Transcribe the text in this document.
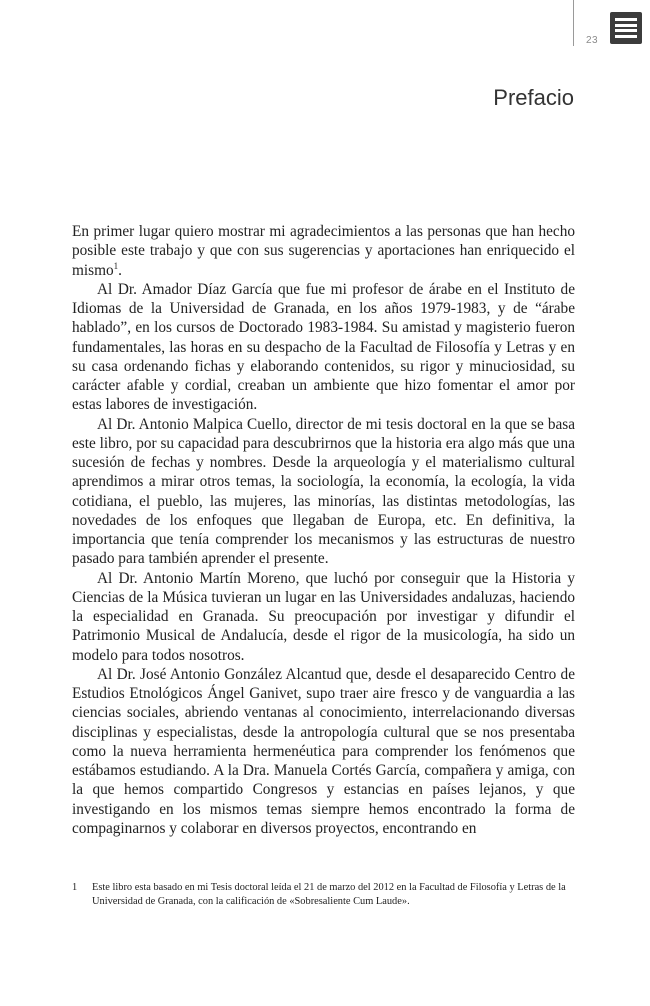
23
Prefacio

En primer lugar quiero mostrar mi agradecimientos a las personas que han hecho posible este trabajo y que con sus sugerencias y aportaciones han enriquecido el mismo$^1$.

Al Dr. Amador Díaz García que fue mi profesor de árabe en el Instituto de Idiomas de la Universidad de Granada, en los años 1979-1983, y de “árabe hablado”, en los cursos de Doctorado 1983-1984. Su amistad y magisterio fueron fundamentales, las horas en su despacho de la Facultad de Filosofía y Letras y en su casa ordenando fichas y elaborando contenidos, su rigor y minuciosidad, su carácter afable y cordial, creaban un ambiente que hizo fomentar el amor por estas labores de investigación.

Al Dr. Antonio Malpica Cuello, director de mi tesis doctoral en la que se basa este libro, por su capacidad para descubrirnos que la historia era algo más que una sucesión de fechas y nombres. Desde la arqueología y el materialismo cultural aprendimos a mirar otros temas, la sociología, la economía, la ecología, la vida cotidiana, el pueblo, las mujeres, las minorías, las distintas metodologías, las novedades de los enfoques que llegaban de Europa, etc. En definitiva, la importancia que tenía comprender los mecanismos y las estructuras de nuestro pasado para también aprender el presente.

Al Dr. Antonio Martín Moreno, que luchó por conseguir que la Historia y Ciencias de la Música tuvieran un lugar en las Universidades andaluzas, haciendo la especialidad en Granada. Su preocupación por investigar y difundir el Patrimonio Musical de Andalucía, desde el rigor de la musicología, ha sido un modelo para todos nosotros.

Al Dr. José Antonio González Alcantud que, desde el desaparecido Centro de Estudios Etnológicos Ángel Ganivet, supo traer aire fresco y de vanguardia a las ciencias sociales, abriendo ventanas al conocimiento, interrelacionando diversas disciplinas y especialistas, desde la antropología cultural que se nos presentaba como la nueva herramienta hermenéutica para comprender los fenómenos que estábamos estudiando. A la Dra. Manuela Cortés García, compañera y amiga, con la que hemos compartido Congresos y estancias en países lejanos, y que investigando en los mismos temas siempre hemos encontrado la forma de compaginarnos y colaborar en diversos proyectos, encontrando en

1	Este libro esta basado en mi Tesis doctoral leída el 21 de marzo del 2012 en la Facultad de Filosofía y Letras de la Universidad de Granada, con la calificación de «Sobresaliente Cum Laude».
